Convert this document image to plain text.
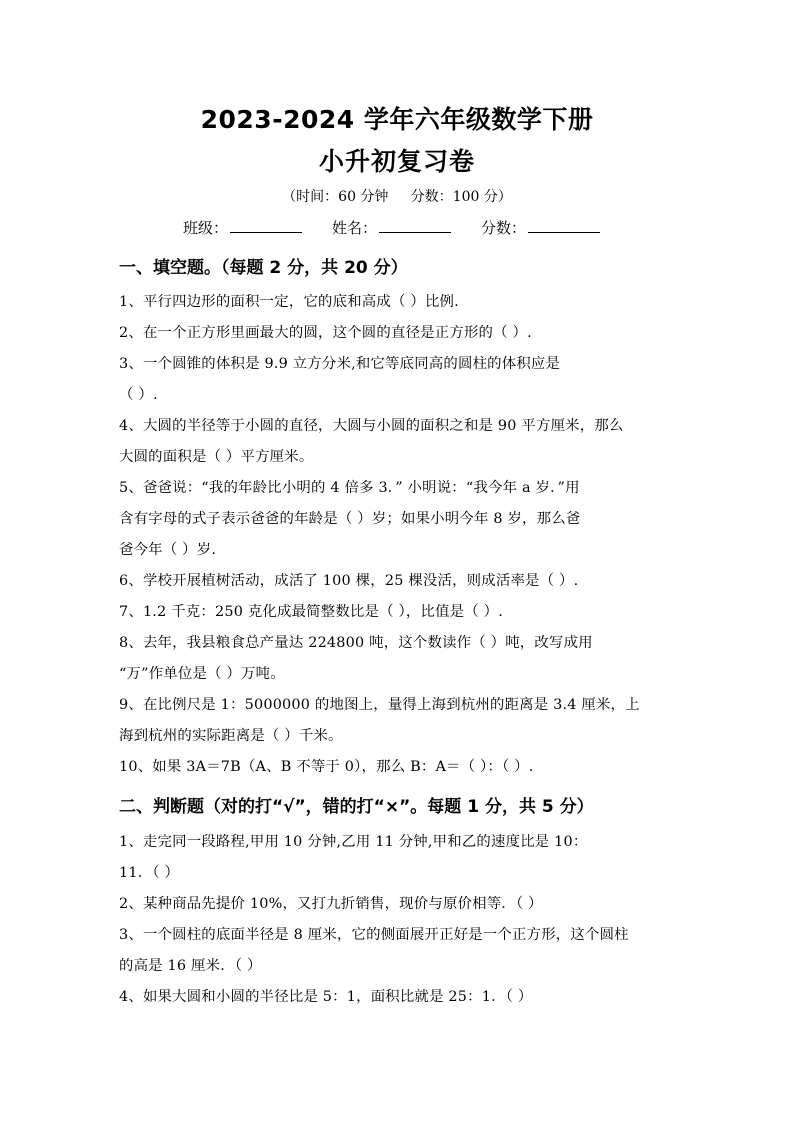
2023-2024 学年六年级数学下册
小升初复习卷
（时间：60 分钟     分数：100 分）
班级：	姓名：	分数：
一、填空题。（每题 2 分，共 20 分）
1、平行四边形的面积一定，它的底和高成（ ）比例.
2、在一个正方形里画最大的圆，这个圆的直径是正方形的（ ）.
3、一个圆锥的体积是 9.9 立方分米,和它等底同高的圆柱的体积应是
（ ）.
4、大圆的半径等于小圆的直径，大圆与小圆的面积之和是 90 平方厘米，那么
大圆的面积是（ ）平方厘米。
5、爸爸说：“我的年龄比小明的 4 倍多 3．” 小明说：“我今年 a 岁．”用
含有字母的式子表示爸爸的年龄是（ ）岁；如果小明今年 8 岁，那么爸
爸今年（ ）岁.
6、学校开展植树活动，成活了 100 棵，25 棵没活，则成活率是（ ）.
7、1.2 千克：250 克化成最简整数比是（ ），比值是（ ）.
8、去年，我县粮食总产量达 224800 吨，这个数读作（ ）吨，改写成用
“万”作单位是（ ）万吨。
9、在比例尺是 1：5000000 的地图上，量得上海到杭州的距离是 3.4 厘米，上
海到杭州的实际距离是（ ）千米。
10、如果 3A＝7B（A、B 不等于 0），那么 B：A＝（ ）：（ ）.
二、判断题（对的打“√”，错的打“×”。每题 1 分，共 5 分）
1、走完同一段路程,甲用 10 分钟,乙用 11 分钟,甲和乙的速度比是 10：
11．（ ）
2、某种商品先提价 10%，又打九折销售，现价与原价相等．（ ）
3、一个圆柱的底面半径是 8 厘米，它的侧面展开正好是一个正方形，这个圆柱
的高是 16 厘米．（ ）
4、如果大圆和小圆的半径比是 5：1，面积比就是 25：1．（ ）
